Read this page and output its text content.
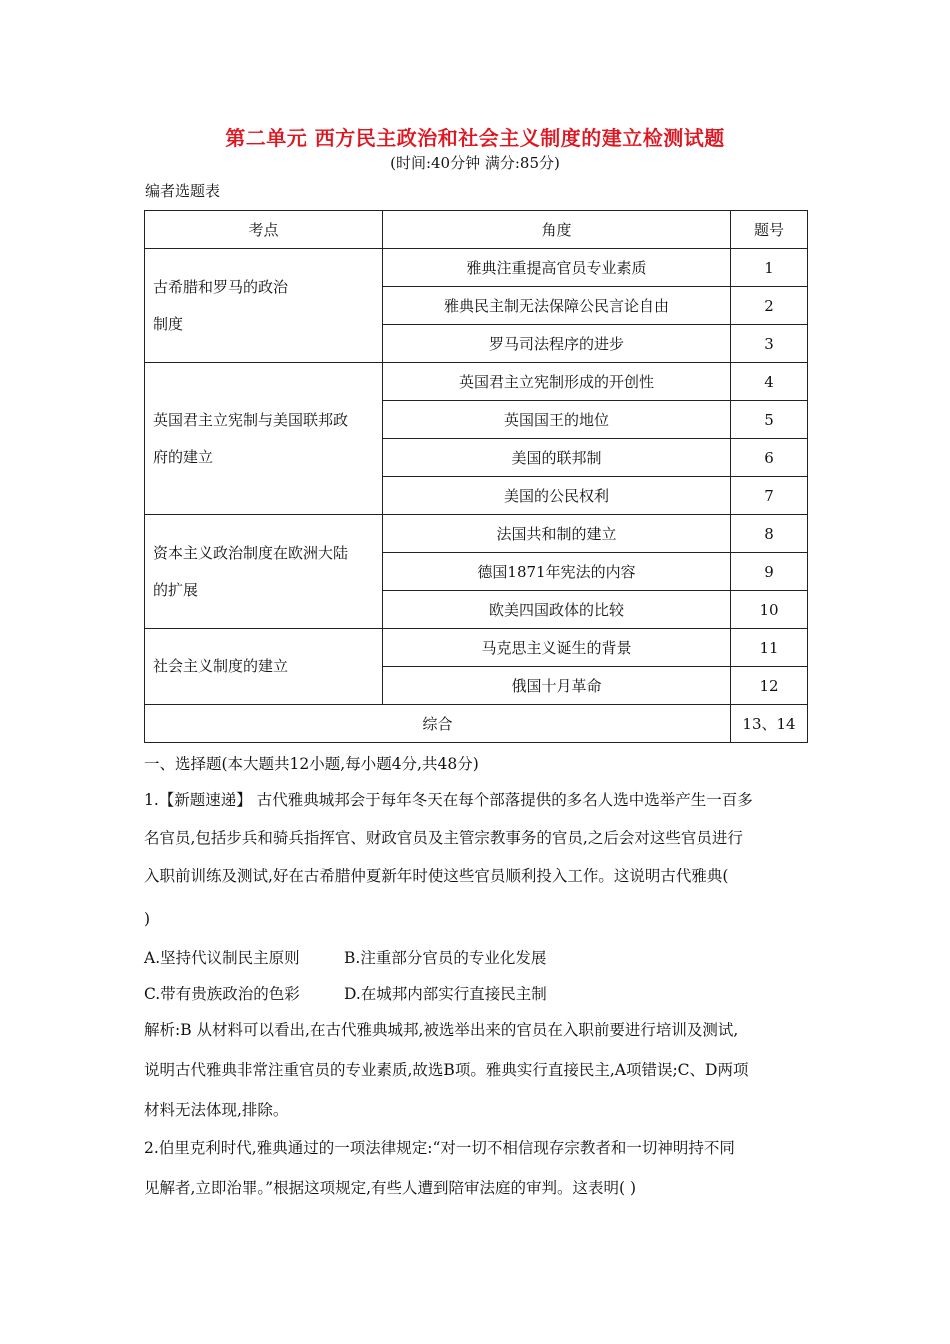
第二单元 西方民主政治和社会主义制度的建立检测试题
(时间:40分钟 满分:85分)
编者选题表
考点	角度	题号

古希腊和罗马的政治
制度	雅典注重提高官员专业素质	1
	雅典民主制无法保障公民言论自由	2
	罗马司法程序的进步	3

英国君主立宪制与美国联邦政
府的建立	英国君主立宪制形成的开创性	4
	英国国王的地位	5
	美国的联邦制	6
	美国的公民权利	7

资本主义政治制度在欧洲大陆
的扩展	法国共和制的建立	8
	德国1871年宪法的内容	9
	欧美四国政体的比较	10

社会主义制度的建立	马克思主义诞生的背景	11
	俄国十月革命	12
综合		13、14
一、选择题(本大题共12小题,每小题4分,共48分)
1.【新题速递】 古代雅典城邦会于每年冬天在每个部落提供的多名人选中选举产生一百多
名官员,包括步兵和骑兵指挥官、财政官员及主管宗教事务的官员,之后会对这些官员进行
入职前训练及测试,好在古希腊仲夏新年时使这些官员顺利投入工作。这说明古代雅典(
)
A.坚持代议制民主原则	B.注重部分官员的专业化发展
C.带有贵族政治的色彩	D.在城邦内部实行直接民主制
解析:B 从材料可以看出,在古代雅典城邦,被选举出来的官员在入职前要进行培训及测试,
说明古代雅典非常注重官员的专业素质,故选B项。雅典实行直接民主,A项错误;C、D两项
材料无法体现,排除。
2.伯里克利时代,雅典通过的一项法律规定:“对一切不相信现存宗教者和一切神明持不同
见解者,立即治罪。”根据这项规定,有些人遭到陪审法庭的审判。这表明( )
